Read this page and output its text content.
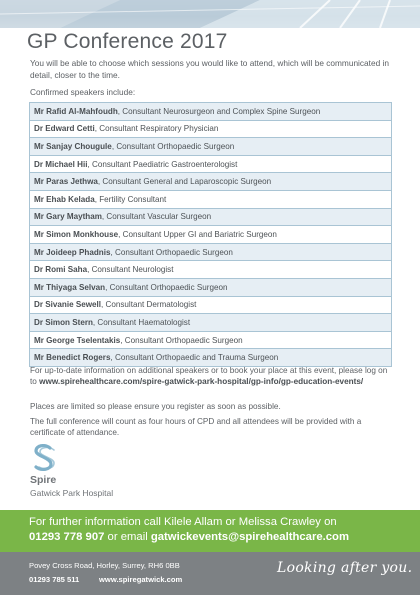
GP Conference 2017
You will be able to choose which sessions you would like to attend, which will be communicated in detail, closer to the time.
Confirmed speakers include:
Mr Rafid Al-Mahfoudh, Consultant Neurosurgeon and Complex Spine Surgeon
Dr Edward Cetti, Consultant Respiratory Physician
Mr Sanjay Chougule, Consultant Orthopaedic Surgeon
Dr Michael Hii, Consultant Paediatric Gastroenterologist
Mr Paras Jethwa, Consultant General and Laparoscopic Surgeon
Mr Ehab Kelada, Fertility Consultant
Mr Gary Maytham, Consultant Vascular Surgeon
Mr Simon Monkhouse, Consultant Upper GI and Bariatric Surgeon
Mr Joideep Phadnis, Consultant Orthopaedic Surgeon
Dr Romi Saha, Consultant Neurologist
Mr Thiyaga Selvan, Consultant Orthopaedic Surgeon
Dr Sivanie Sewell, Consultant Dermatologist
Dr Simon Stern, Consultant Haematologist
Mr George Tselentakis, Consultant Orthopaedic Surgeon
Mr Benedict Rogers, Consultant Orthopaedic and Trauma Surgeon
For up-to-date information on additional speakers or to book your place at this event, please log on to www.spirehealthcare.com/spire-gatwick-park-hospital/gp-info/gp-education-events/
Places are limited so please ensure you register as soon as possible.
The full conference will count as four hours of CPD and all attendees will be provided with a certificate of attendance.
Spire
Gatwick Park Hospital
For further information call Kilele Allam or Melissa Crawley on
01293 778 907 or email gatwickevents@spirehealthcare.com
Povey Cross Road, Horley, Surrey, RH6 0BB
01293 785 511	www.spiregatwick.com
Looking after you.
